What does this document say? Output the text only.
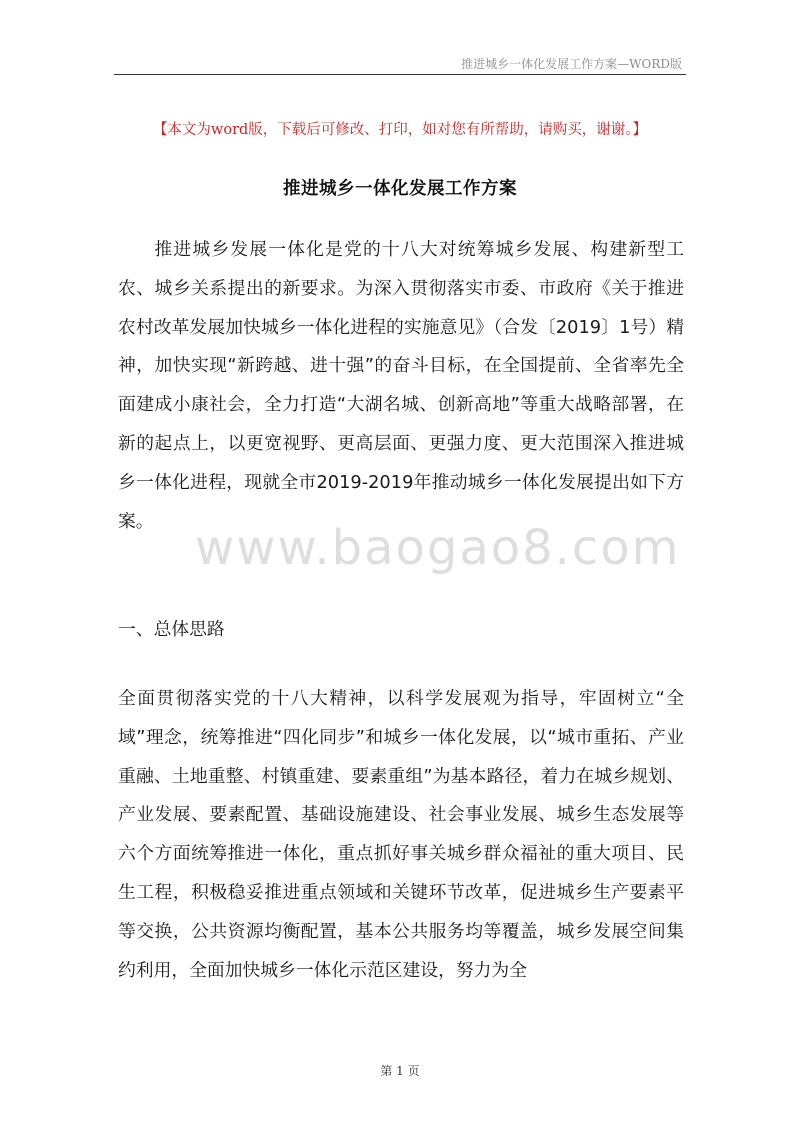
推进城乡一体化发展工作方案—WORD版
【本文为word版，下载后可修改、打印，如对您有所帮助，请购买，谢谢。】
推进城乡一体化发展工作方案

推进城乡发展一体化是党的十八大对统筹城乡发展、构建新型工农、城乡关系提出的新要求。为深入贯彻落实市委、市政府《关于推进农村改革发展加快城乡一体化进程的实施意见》（合发〔2019〕1号）精神，加快实现“新跨越、进十强”的奋斗目标，在全国提前、全省率先全面建成小康社会，全力打造“大湖名城、创新高地”等重大战略部署，在新的起点上，以更宽视野、更高层面、更强力度、更大范围深入推进城乡一体化进程，现就全市2019-2019年推动城乡一体化发展提出如下方案。 www.baogao8.com

一、总体思路

全面贯彻落实党的十八大精神，以科学发展观为指导，牢固树立“全域”理念，统筹推进“四化同步”和城乡一体化发展，以“城市重拓、产业重融、土地重整、村镇重建、要素重组”为基本路径，着力在城乡规划、产业发展、要素配置、基础设施建设、社会事业发展、城乡生态发展等六个方面统筹推进一体化，重点抓好事关城乡群众福祉的重大项目、民生工程，积极稳妥推进重点领域和关键环节改革，促进城乡生产要素平等交换，公共资源均衡配置，基本公共服务均等覆盖，城乡发展空间集约利用，全面加快城乡一体化示范区建设，努力为全

第 1 页
